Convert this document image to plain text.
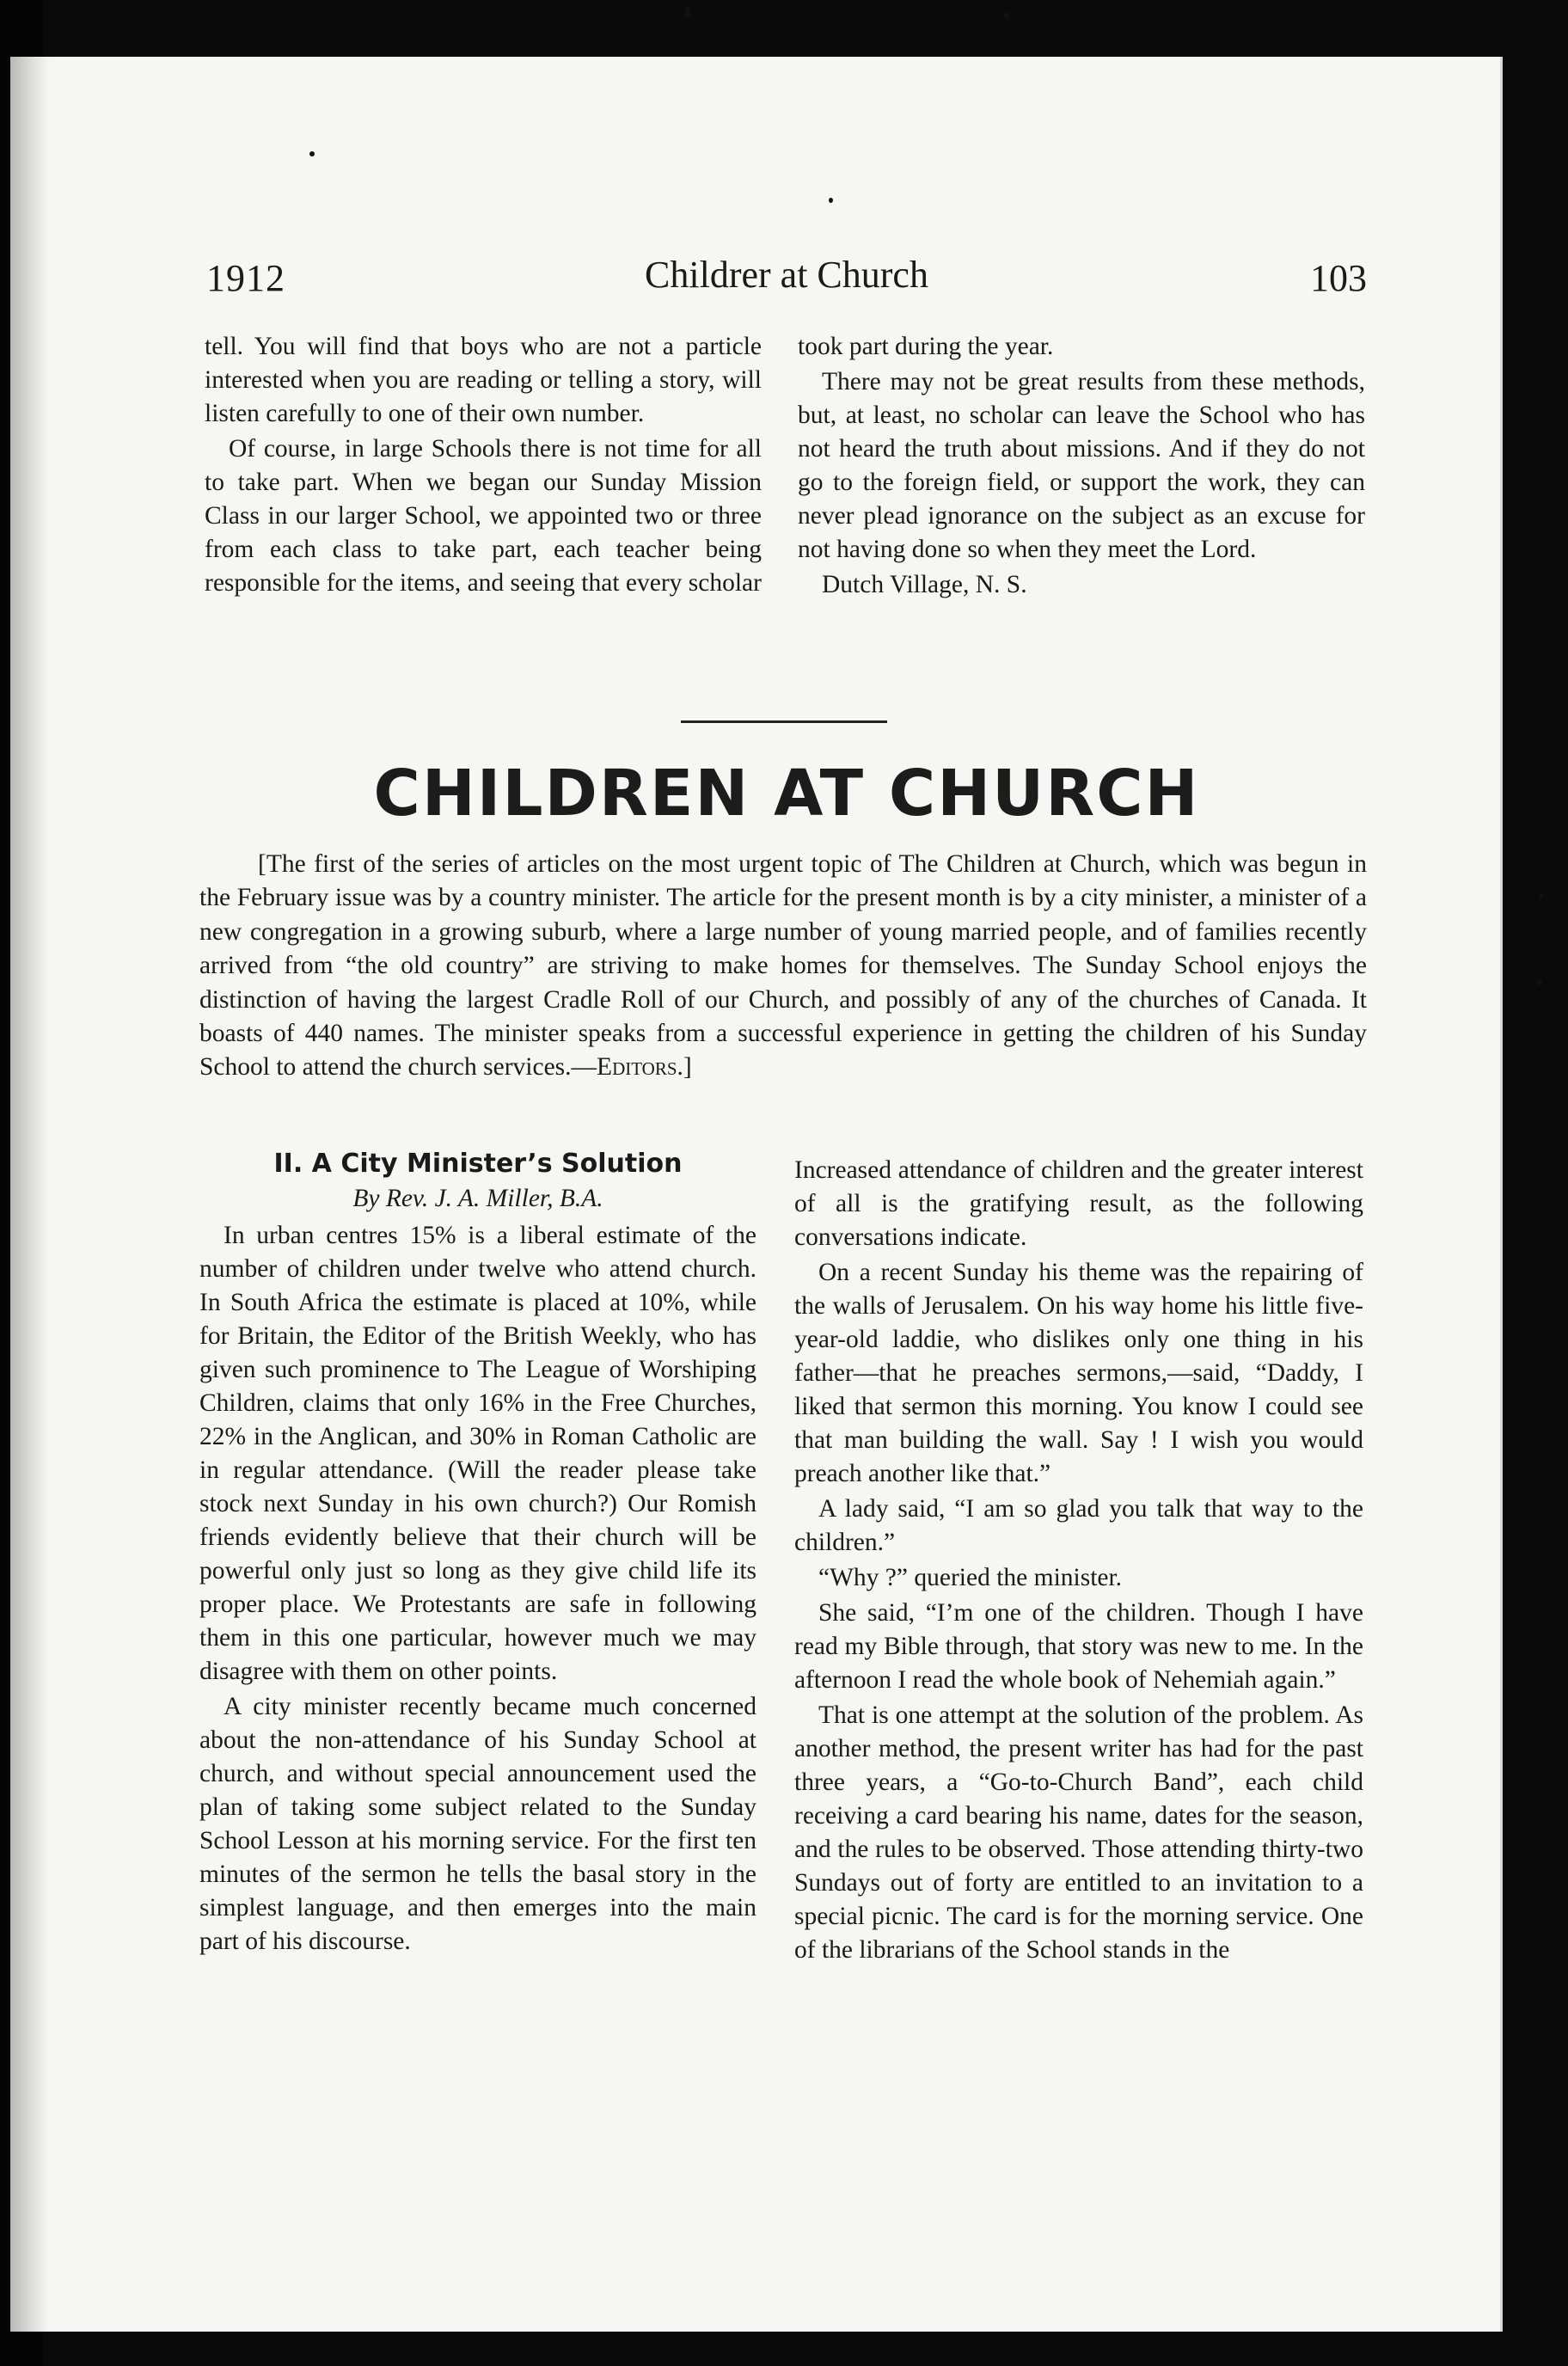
1912	Childrer at Church	103

tell. You will find that boys who are not a particle interested when you are reading or telling a story, will listen carefully to one of their own number.

Of course, in large Schools there is not time for all to take part. When we began our Sunday Mission Class in our larger School, we appointed two or three from each class to take part, each teacher being responsible for the items, and seeing that every scholar

took part during the year.

There may not be great results from these methods, but, at least, no scholar can leave the School who has not heard the truth about missions. And if they do not go to the foreign field, or support the work, they can never plead ignorance on the subject as an excuse for not having done so when they meet the Lord.

Dutch Village, N. S.

CHILDREN AT CHURCH
[The first of the series of articles on the most urgent topic of The Children at Church, which was begun in the February issue was by a country minister. The article for the present month is by a city minister, a minister of a new congregation in a growing suburb, where a large number of young married people, and of families recently arrived from “the old country” are striving to make homes for themselves. The Sunday School enjoys the distinction of having the largest Cradle Roll of our Church, and possibly of any of the churches of Canada. It boasts of 440 names. The minister speaks from a successful experience in getting the children of his Sunday School to attend the church services.—Editors.]
II. A City Minister’s Solution
By Rev. J. A. Miller, B.A.

In urban centres 15% is a liberal estimate of the number of children under twelve who attend church. In South Africa the estimate is placed at 10%, while for Britain, the Editor of the British Weekly, who has given such prominence to The League of Worshiping Children, claims that only 16% in the Free Churches, 22% in the Anglican, and 30% in Roman Catholic are in regular attendance. (Will the reader please take stock next Sunday in his own church?) Our Romish friends evidently believe that their church will be powerful only just so long as they give child life its proper place. We Protestants are safe in following them in this one particular, however much we may disagree with them on other points.

A city minister recently became much concerned about the non-attendance of his Sunday School at church, and without special announcement used the plan of taking some subject related to the Sunday School Lesson at his morning service. For the first ten minutes of the sermon he tells the basal story in the simplest language, and then emerges into the main part of his discourse.

Increased attendance of children and the greater interest of all is the gratifying result, as the following conversations indicate.

On a recent Sunday his theme was the repairing of the walls of Jerusalem. On his way home his little five-year-old laddie, who dislikes only one thing in his father—that he preaches sermons,—said, “Daddy, I liked that sermon this morning. You know I could see that man building the wall. Say ! I wish you would preach another like that.”

A lady said, “I am so glad you talk that way to the children.”

“Why ?” queried the minister.

She said, “I’m one of the children. Though I have read my Bible through, that story was new to me. In the afternoon I read the whole book of Nehemiah again.”

That is one attempt at the solution of the problem. As another method, the present writer has had for the past three years, a “Go-to-Church Band”, each child receiving a card bearing his name, dates for the season, and the rules to be observed. Those attending thirty-two Sundays out of forty are entitled to an invitation to a special picnic. The card is for the morning service. One of the librarians of the School stands in the
